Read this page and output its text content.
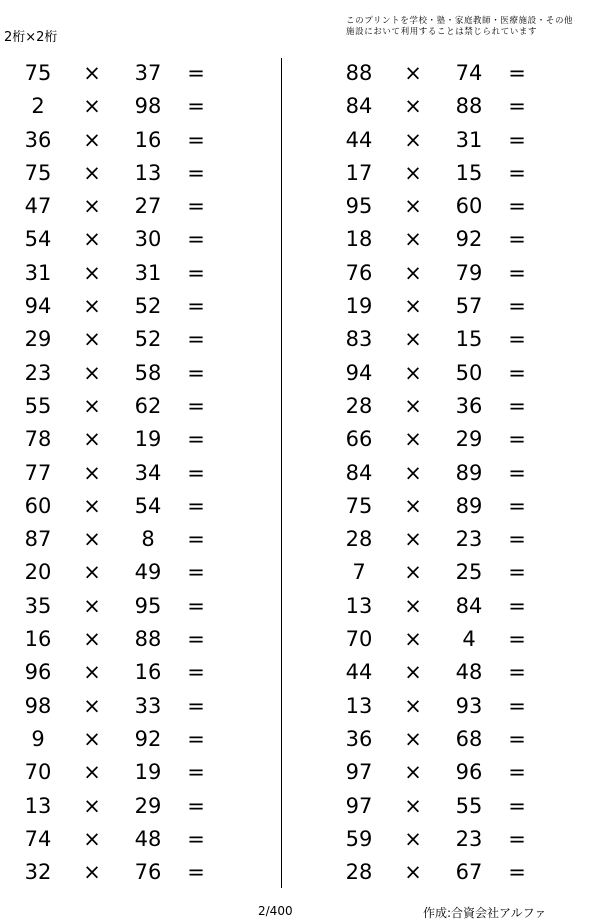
2桁×2桁
このプリントを学校・塾・家庭教師・医療施設・その他
施設において利用することは禁じられています
75	×	37	=
2	×	98	=
36	×	16	=
75	×	13	=
47	×	27	=
54	×	30	=
31	×	31	=
94	×	52	=
29	×	52	=
23	×	58	=
55	×	62	=
78	×	19	=
77	×	34	=
60	×	54	=
87	×	8	=
20	×	49	=
35	×	95	=
16	×	88	=
96	×	16	=
98	×	33	=
9	×	92	=
70	×	19	=
13	×	29	=
74	×	48	=
32	×	76	=
88	×	74	=
84	×	88	=
44	×	31	=
17	×	15	=
95	×	60	=
18	×	92	=
76	×	79	=
19	×	57	=
83	×	15	=
94	×	50	=
28	×	36	=
66	×	29	=
84	×	89	=
75	×	89	=
28	×	23	=
7	×	25	=
13	×	84	=
70	×	4	=
44	×	48	=
13	×	93	=
36	×	68	=
97	×	96	=
97	×	55	=
59	×	23	=
28	×	67	=
2/400	作成:合資会社アルファ
